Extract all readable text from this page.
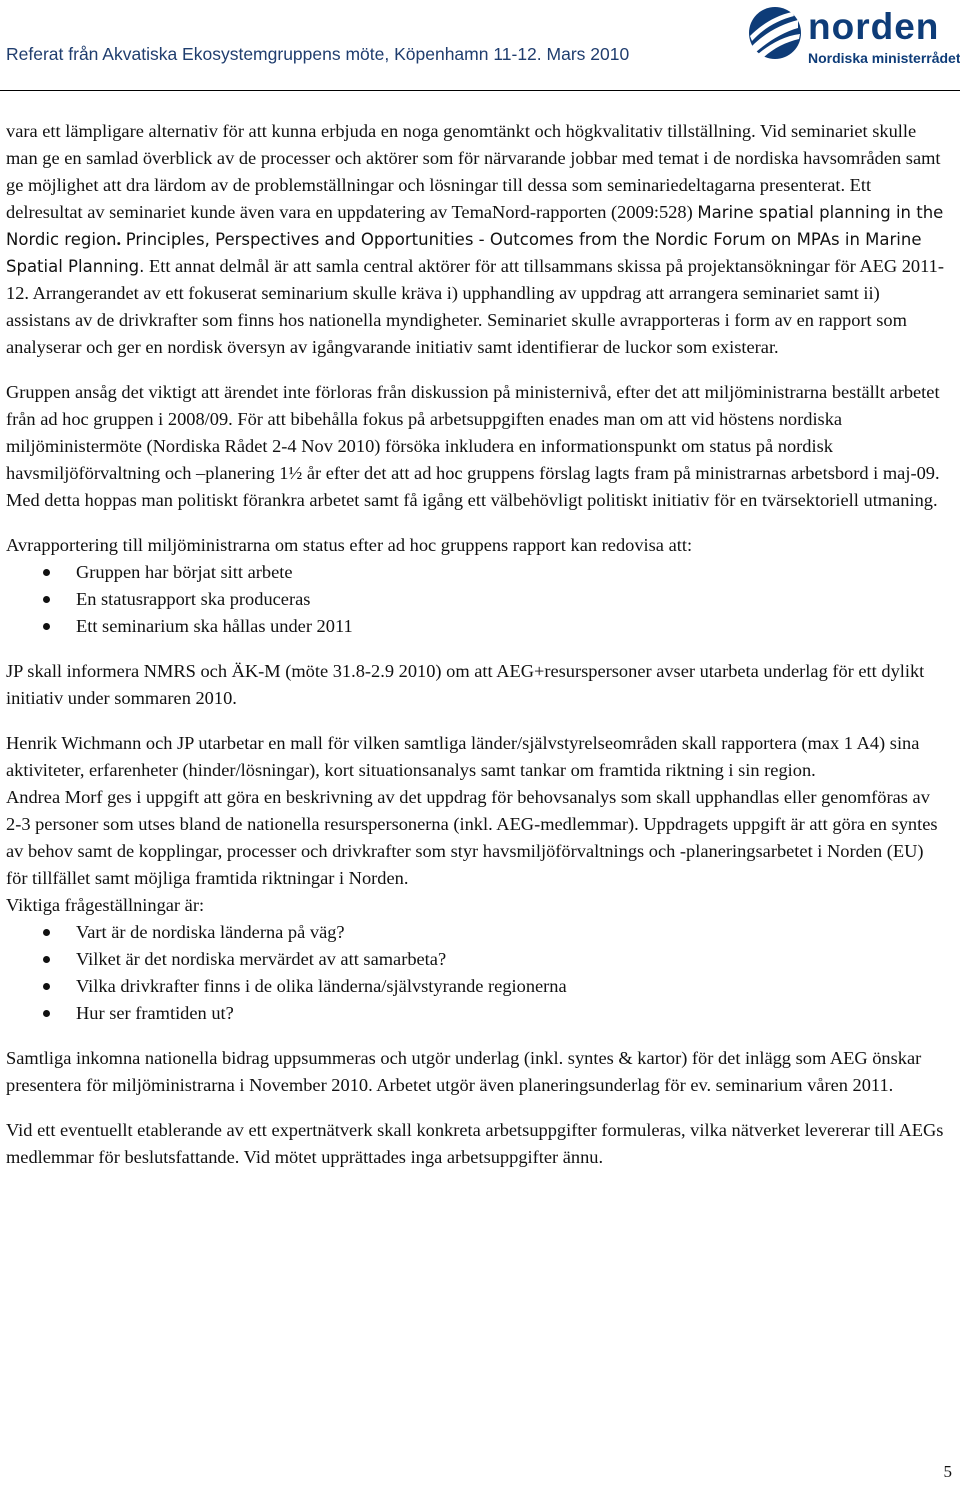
Referat från Akvatiska Ekosystemgruppens möte, Köpenhamn 11-12. Mars 2010
norden
Nordiska ministerrådet

vara ett lämpligare alternativ för att kunna erbjuda en noga genomtänkt och högkvalitativ tillställning. Vid seminariet skulle man ge en samlad överblick av de processer och aktörer som för närvarande jobbar med temat i de nordiska havsområden samt ge möjlighet att dra lärdom av de problemställningar och lösningar till dessa som seminariedeltagarna presenterat. Ett delresultat av seminariet kunde även vara en uppdatering av TemaNord-rapporten (2009:528) Marine spatial planning in the Nordic region. Principles, Perspectives and Opportunities - Outcomes from the Nordic Forum on MPAs in Marine Spatial Planning. Ett annat delmål är att samla central aktörer för att tillsammans skissa på projektansökningar för AEG 2011-12. Arrangerandet av ett fokuserat seminarium skulle kräva i) upphandling av uppdrag att arrangera seminariet samt ii) assistans av de drivkrafter som finns hos nationella myndigheter. Seminariet skulle avrapporteras i form av en rapport som analyserar och ger en nordisk översyn av igångvarande initiativ samt identifierar de luckor som existerar.

Gruppen ansåg det viktigt att ärendet inte förloras från diskussion på ministernivå, efter det att miljöministrarna beställt arbetet från ad hoc gruppen i 2008/09. För att bibehålla fokus på arbetsuppgiften enades man om att vid höstens nordiska miljöministermöte (Nordiska Rådet 2-4 Nov 2010) försöka inkludera en informationspunkt om status på nordisk havsmiljöförvaltning och –planering 1½ år efter det att ad hoc gruppens förslag lagts fram på ministrarnas arbetsbord i maj-09. Med detta hoppas man politiskt förankra arbetet samt få igång ett välbehövligt politiskt initiativ för en tvärsektoriell utmaning.

Avrapportering till miljöministrarna om status efter ad hoc gruppens rapport kan redovisa att:

Gruppen har börjat sitt arbete
En statusrapport ska produceras
Ett seminarium ska hållas under 2011

JP skall informera NMRS och ÄK-M (möte 31.8-2.9 2010) om att AEG+resurspersoner avser utarbeta underlag för ett dylikt initiativ under sommaren 2010.

Henrik Wichmann och JP utarbetar en mall för vilken samtliga länder/självstyrelseområden skall rapportera (max 1 A4) sina aktiviteter, erfarenheter (hinder/lösningar), kort situationsanalys samt tankar om framtida riktning i sin region.

Andrea Morf ges i uppgift att göra en beskrivning av det uppdrag för behovsanalys som skall upphandlas eller genomföras av 2-3 personer som utses bland de nationella resurspersonerna (inkl. AEG-medlemmar). Uppdragets uppgift är att göra en syntes av behov samt de kopplingar, processer och drivkrafter som styr havsmiljöförvaltnings och -planeringsarbetet i Norden (EU) för tillfället samt möjliga framtida riktningar i Norden.

Viktiga frågeställningar är:

Vart är de nordiska länderna på väg?
Vilket är det nordiska mervärdet av att samarbeta?
Vilka drivkrafter finns i de olika länderna/självstyrande regionerna
Hur ser framtiden ut?

Samtliga inkomna nationella bidrag uppsummeras och utgör underlag (inkl. syntes & kartor) för det inlägg som AEG önskar presentera för miljöministrarna i November 2010. Arbetet utgör även planeringsunderlag för ev. seminarium våren 2011.

Vid ett eventuellt etablerande av ett expertnätverk skall konkreta arbetsuppgifter formuleras, vilka nätverket levererar till AEGs medlemmar för beslutsfattande. Vid mötet upprättades inga arbetsuppgifter ännu.

5
